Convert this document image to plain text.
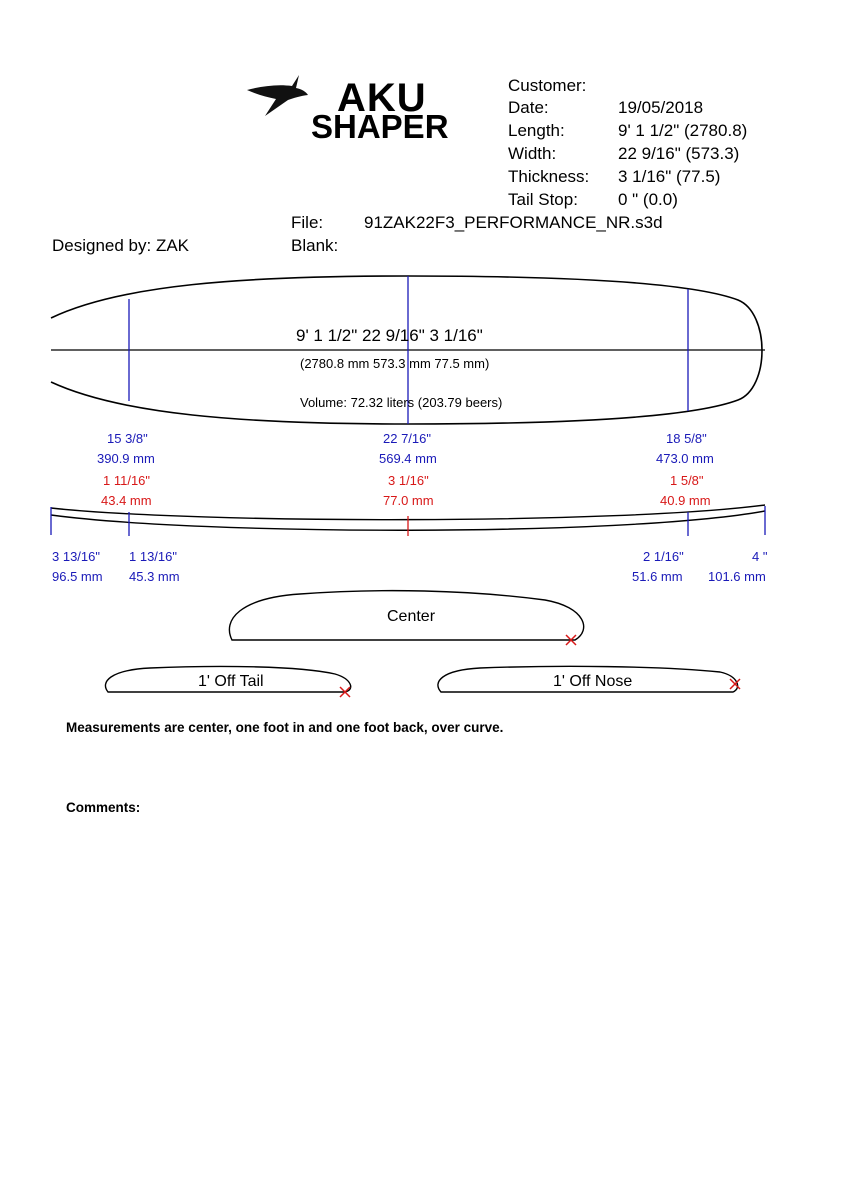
AKU
SHAPER
Customer:
Date:	19/05/2018
Length:	9' 1 1/2" (2780.8)
Width:	22 9/16" (573.3)
Thickness: 3 1/16" (77.5)
Tail Stop: 0 " (0.0)
File: 91ZAK22F3_PERFORMANCE_NR.s3d
Blank:
Designed by: ZAK
9' 1 1/2" 22 9/16" 3 1/16"
(2780.8 mm 573.3 mm 77.5 mm)
Volume: 72.32 liters (203.79 beers)
15 3/8"
390.9 mm
22 7/16"
569.4 mm
18 5/8"
473.0 mm
1 11/16"
43.4 mm
3 1/16"
77.0 mm
1 5/8"
40.9 mm
3 13/16"
96.5 mm
1 13/16"
45.3 mm
2 1/16"
51.6 mm
4 "
101.6 mm
Center
1' Off Tail	1' Off Nose
Measurements are center, one foot in and one foot back, over curve.
Comments:
